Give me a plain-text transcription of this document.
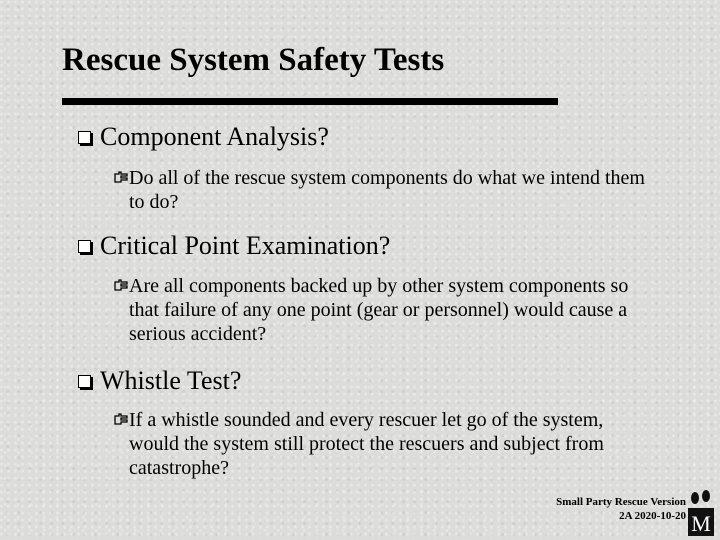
Rescue System Safety Tests
Component Analysis?
Do all of the rescue system components do what we intend them to do?
Critical Point Examination?
Are all components backed up by other system components so that failure of any one point (gear or personnel) would cause a serious accident?
Whistle Test?
If a whistle sounded and every rescuer let go of the system, would the system still protect the rescuers and subject from catastrophe?
Small Party Rescue Version
2A 2020-10-20 M
